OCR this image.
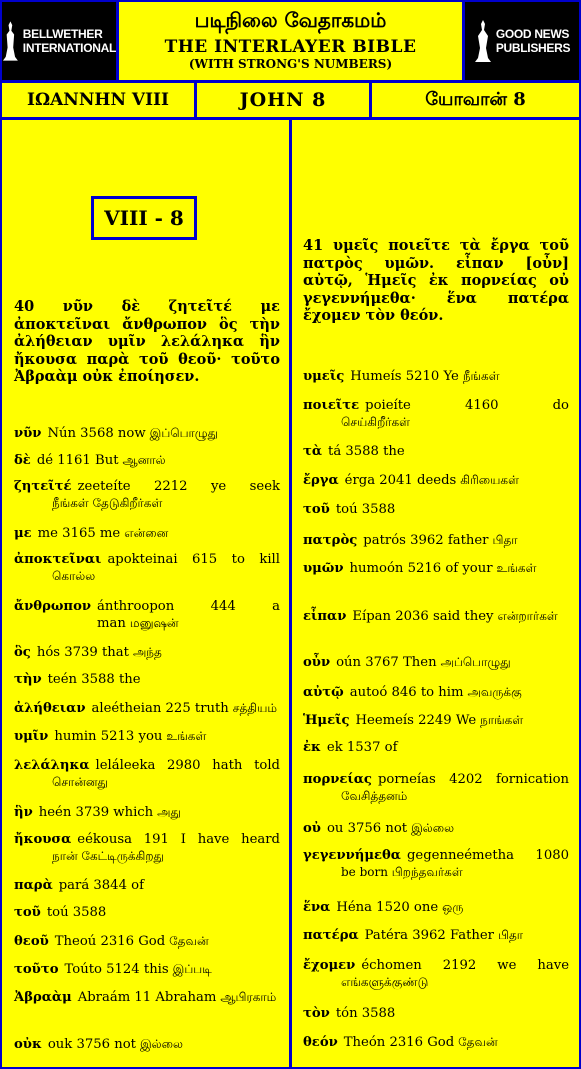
BELLWETHER
INTERNATIONAL
படிநிலை வேதாகமம்
THE INTERLAYER BIBLE
(WITH STRONG'S NUMBERS)
GOOD NEWS
PUBLISHERS
ΙΩΑΝΝΗΝ VIII	JOHN 8	யோவான் 8
VIII - 8
40 νῦν δὲ ζητεῖτέ με ἀποκτεῖναι ἄνθρωπον ὃς τὴν ἀλήθειαν υμῖν λελάληκα ἣν ἤκουσα παρὰ τοῦ θεοῦ· τοῦτο Ἀβραὰμ οὐκ ἐποίησεν.
41 υμεῖς ποιεῖτε τὰ ἔργα τοῦ πατρὸς υμῶν. εἶπαν [οὖν] αὐτῷ, Ἡμεῖς ἐκ πορνείας οὐ γεγεννήμεθα· ἕνα πατέρα ἔχομεν τὸν θεόν.
νῦν Nún 3568 now இப்பொழுது
δὲ dé 1161 But ஆனால்
ζητεῖτέ zeeteíte 2212 ye seek
நீங்கள் தேடுகிறீர்கள்
με me 3165 me என்னை
ἀποκτεῖναι apokteinai 615 to kill
கொல்ல
ἄνθρωπον ánthroopon 444 a man மனுஷன்
ὃς hós 3739 that அந்த
τὴν teén 3588 the
ἀλήθειαν aleétheian 225 truth சத்தியம்
υμῖν humin 5213 you உங்கள்
λελάληκα leláleeka 2980 hath told
சொன்னது
ἣν heén 3739 which அது
ἤκουσα eékousa 191 I have heard
நான் கேட்டிருக்கிறது
παρὰ pará 3844 of
τοῦ toú 3588
θεοῦ Theoú 2316 God தேவன்
τοῦτο Toúto 5124 this இப்படி
Ἀβραὰμ Abraám 11 Abraham ஆபிரகாம்
οὐκ ouk 3756 not இல்லை
υμεῖς Humeís 5210 Ye நீங்கள்
ποιεῖτε poieíte 4160 do
செய்கிறீர்கள்
τὰ tá 3588 the
ἔργα érga 2041 deeds கிரியைகள்
τοῦ toú 3588
πατρὸς patrós 3962 father பிதா
υμῶν humoón 5216 of your உங்கள்
εἶπαν Eípan 2036 said they என்றார்கள்
οὖν oún 3767 Then அப்பொழுது
αὐτῷ autoó 846 to him அவருக்கு
Ἡμεῖς Heemeís 2249 We நாங்கள்
ἐκ ek 1537 of
πορνείας porneías 4202 fornication
வேசித்தனம்
οὐ ou 3756 not இல்லை
γεγεννήμεθα gegenneémetha 1080
be born பிறந்தவர்கள்
ἕνα Héna 1520 one ஒரு
πατέρα Patéra 3962 Father பிதா
ἔχομεν échomen 2192 we have
எங்களுக்குண்டு
τὸν tón 3588
θεόν Theón 2316 God தேவன்
